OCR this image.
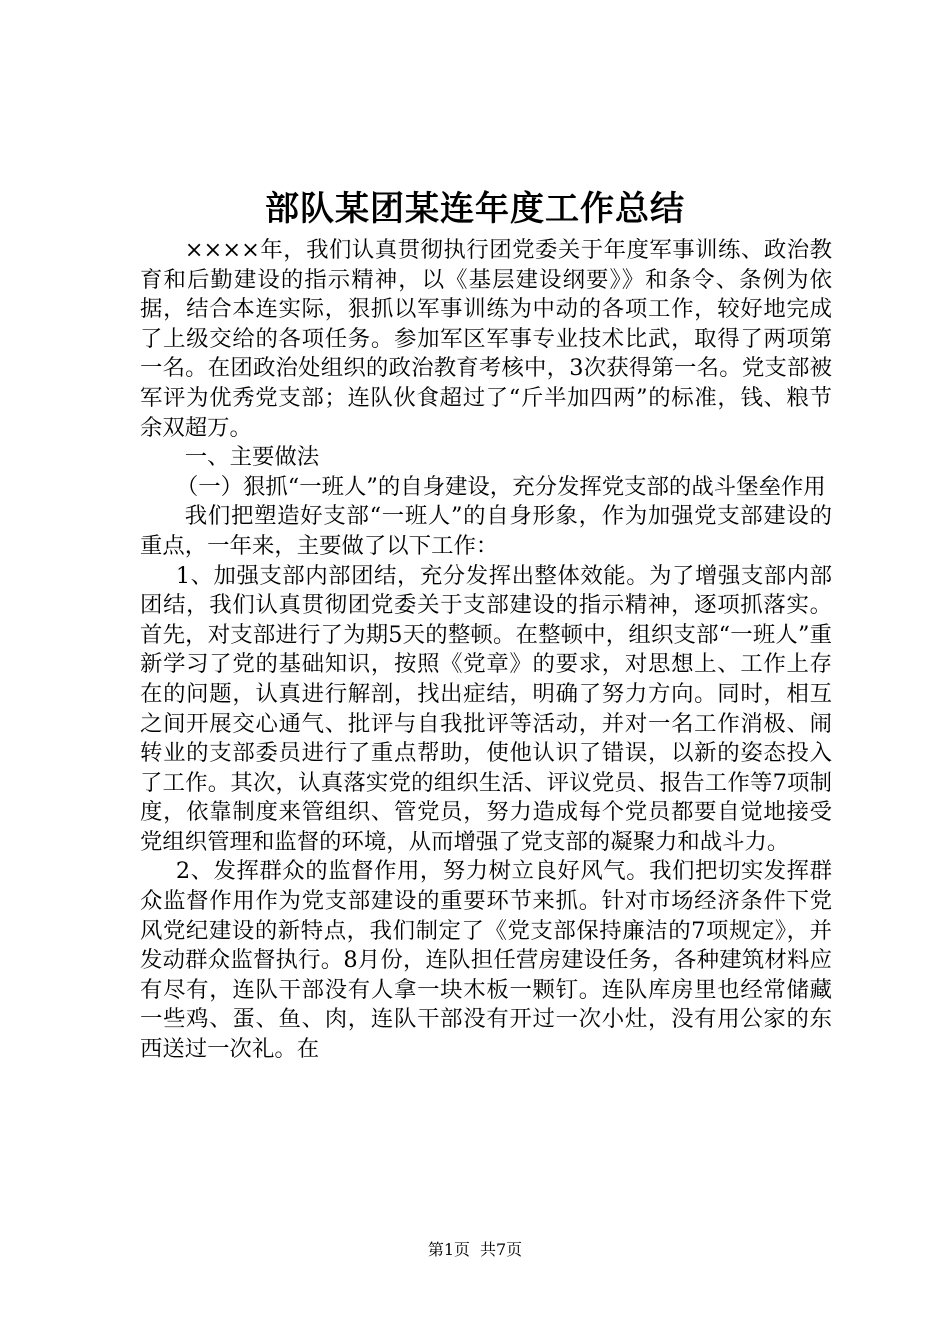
部队某团某连年度工作总结

××××年，我们认真贯彻执行团党委关于年度军事训练、政治教育和后勤建设的指示精神，以《基层建设纲要》》和条令、条例为依据，结合本连实际，狠抓以军事训练为中动的各项工作，较好地完成了上级交给的各项任务。参加军区军事专业技术比武，取得了两项第一名。在团政治处组织的政治教育考核中，3次获得第一名。党支部被军评为优秀党支部；连队伙食超过了“斤半加四两”的标准，钱、粮节余双超万。

一、主要做法

（一）狠抓“一班人”的自身建设，充分发挥党支部的战斗堡垒作用

我们把塑造好支部“一班人”的自身形象，作为加强党支部建设的重点，一年来，主要做了以下工作：

1、加强支部内部团结，充分发挥出整体效能。为了增强支部内部团结，我们认真贯彻团党委关于支部建设的指示精神，逐项抓落实。首先，对支部进行了为期5天的整顿。在整顿中，组织支部“一班人”重新学习了党的基础知识，按照《党章》的要求，对思想上、工作上存在的问题，认真进行解剖，找出症结，明确了努力方向。同时，相互之间开展交心通气、批评与自我批评等活动，并对一名工作消极、闹转业的支部委员进行了重点帮助，使他认识了错误，以新的姿态投入了工作。其次，认真落实党的组织生活、评议党员、报告工作等7项制度，依靠制度来管组织、管党员，努力造成每个党员都要自觉地接受党组织管理和监督的环境，从而增强了党支部的凝聚力和战斗力。

2、发挥群众的监督作用，努力树立良好风气。我们把切实发挥群众监督作用作为党支部建设的重要环节来抓。针对市场经济条件下党风党纪建设的新特点，我们制定了《党支部保持廉洁的7项规定》，并发动群众监督执行。8月份，连队担任营房建设任务，各种建筑材料应有尽有，连队干部没有人拿一块木板一颗钉。连队库房里也经常储藏一些鸡、蛋、鱼、肉，连队干部没有开过一次小灶，没有用公家的东西送过一次礼。在

第1页 共7页
